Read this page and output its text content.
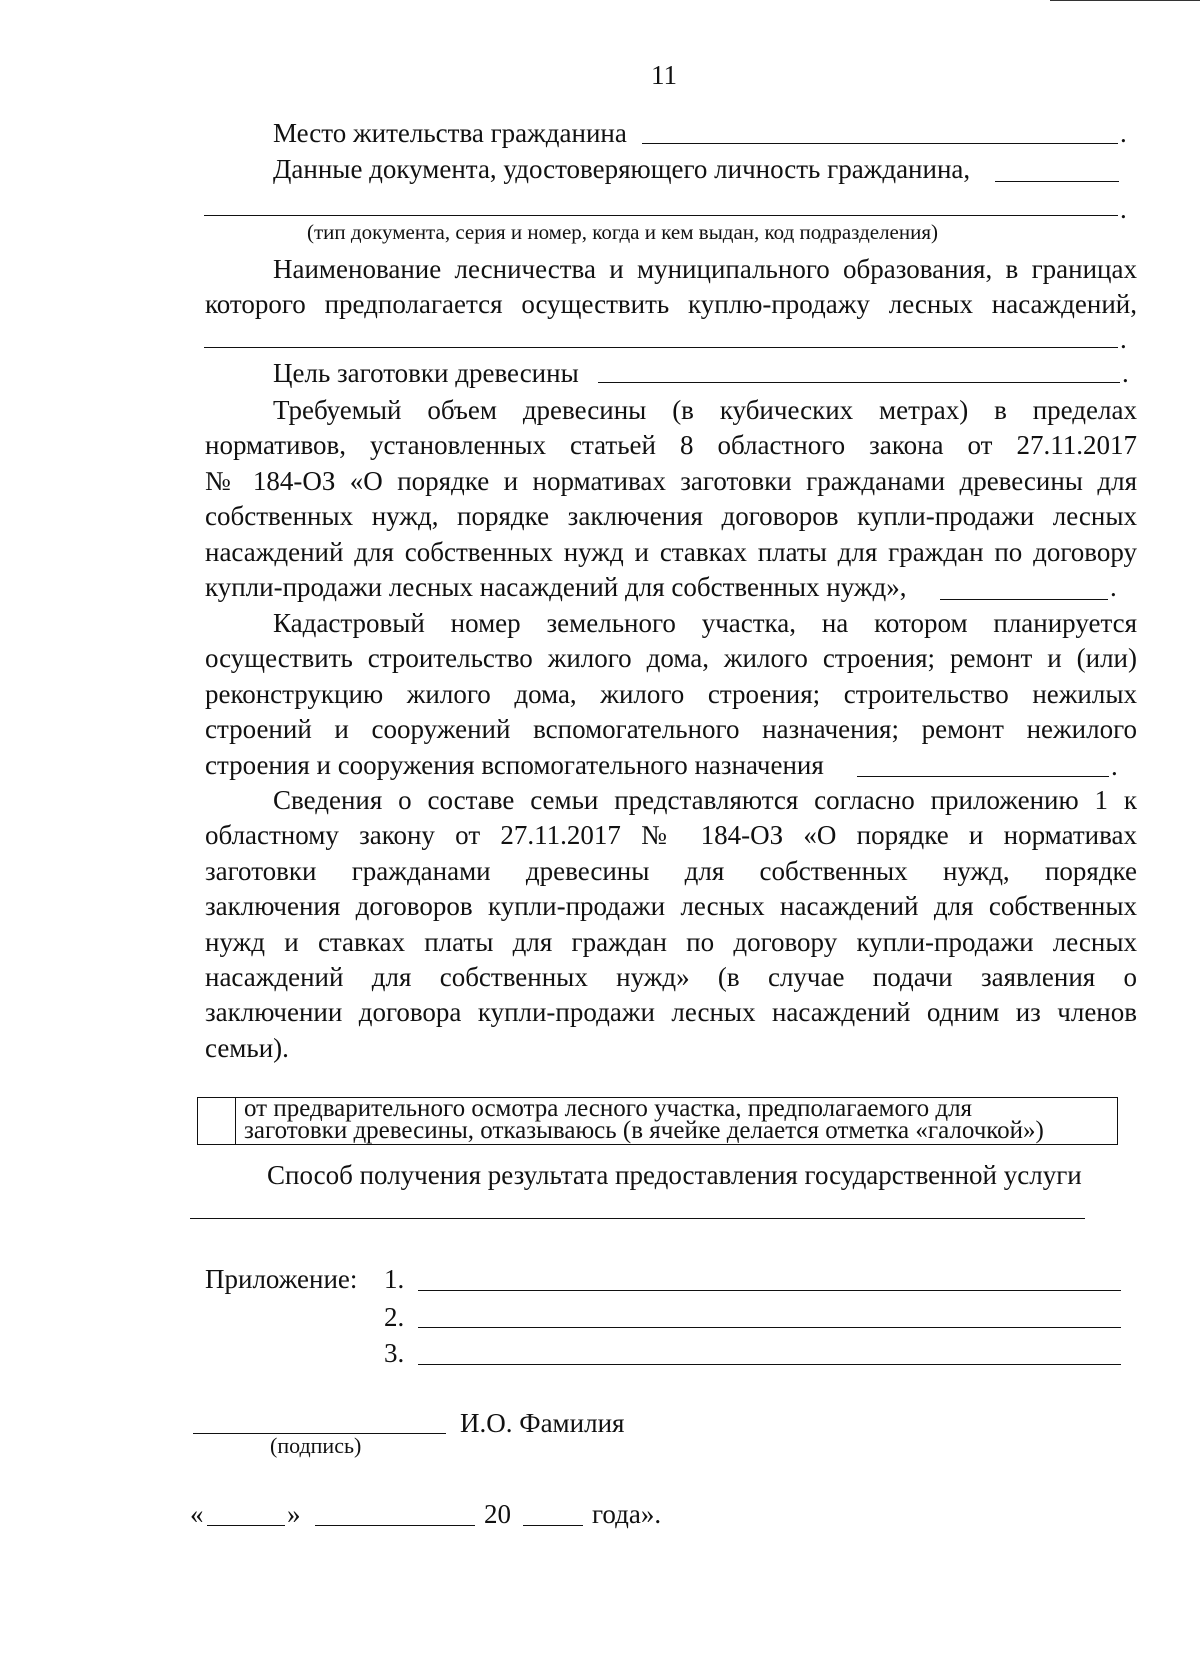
11
Место жительства гражданина	.
Данные документа, удостоверяющего личность гражданина,
.
(тип документа, серия и номер, когда и кем выдан, код подразделения)
Наименование лесничества и муниципального образования, в границах
которого предполагается осуществить куплю-продажу лесных насаждений,
.
Цель заготовки древесины	.
Требуемый объем древесины (в кубических метрах) в пределах
нормативов, установленных статьей 8 областного закона от 27.11.2017
№ 184-ОЗ «О порядке и нормативах заготовки гражданами древесины для
собственных нужд, порядке заключения договоров купли-продажи лесных
насаждений для собственных нужд и ставках платы для граждан по договору
купли-продажи лесных насаждений для собственных нужд»,	.
Кадастровый номер земельного участка, на котором планируется
осуществить строительство жилого дома, жилого строения; ремонт и (или)
реконструкцию жилого дома, жилого строения; строительство нежилых
строений и сооружений вспомогательного назначения; ремонт нежилого
строения и сооружения вспомогательного назначения	.
Сведения о составе семьи представляются согласно приложению 1 к
областному закону от 27.11.2017 № 184-ОЗ «О порядке и нормативах
заготовки гражданами древесины для собственных нужд, порядке
заключения договоров купли-продажи лесных насаждений для собственных
нужд и ставках платы для граждан по договору купли-продажи лесных
насаждений для собственных нужд» (в случае подачи заявления о
заключении договора купли-продажи лесных насаждений одним из членов
семьи).
от предварительного осмотра лесного участка, предполагаемого для
заготовки древесины, отказываюсь (в ячейке делается отметка «галочкой»)
Способ получения результата предоставления государственной услуги
Приложение: 1.
2.
3.
(подпись)
И.О. Фамилия
«	»	20	года».
